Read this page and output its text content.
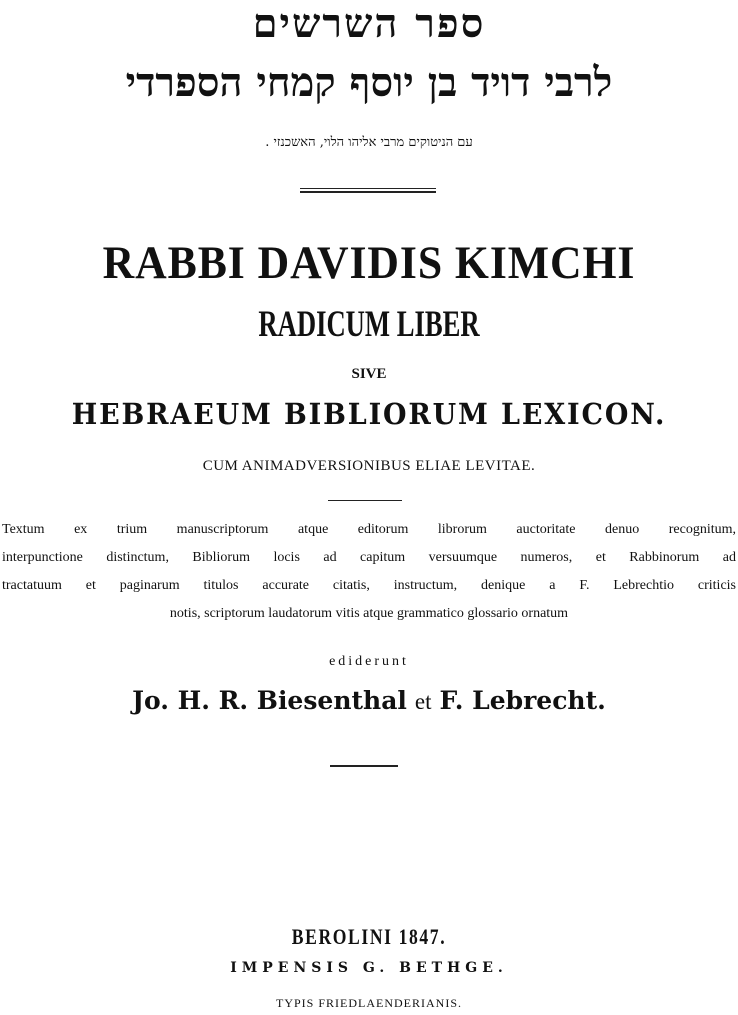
ספר השרשים
לרבי דויד בן יוסף קמחי הספרדי
עם הניטוקים מרבי אליהו הלוי, האשכנזי .
RABBI DAVIDIS KIMCHI
RADICUM LIBER
SIVE
HEBRAEUM BIBLIORUM LEXICON.
CUM ANIMADVERSIONIBUS ELIAE LEVITAE.
Textum ex trium manuscriptorum atque editorum librorum auctoritate denuo recognitum,
interpunctione distinctum, Bibliorum locis ad capitum versuumque numeros, et Rabbinorum ad
tractatuum et paginarum titulos accurate citatis, instructum, denique a F. Lebrechtio criticis
notis, scriptorum laudatorum vitis atque grammatico glossario ornatum
ediderunt
Jo. H. R. Biesenthal et F. Lebrecht.
BEROLINI 1847.
IMPENSIS G. BETHGE.
TYPIS FRIEDLAENDERIANIS.
